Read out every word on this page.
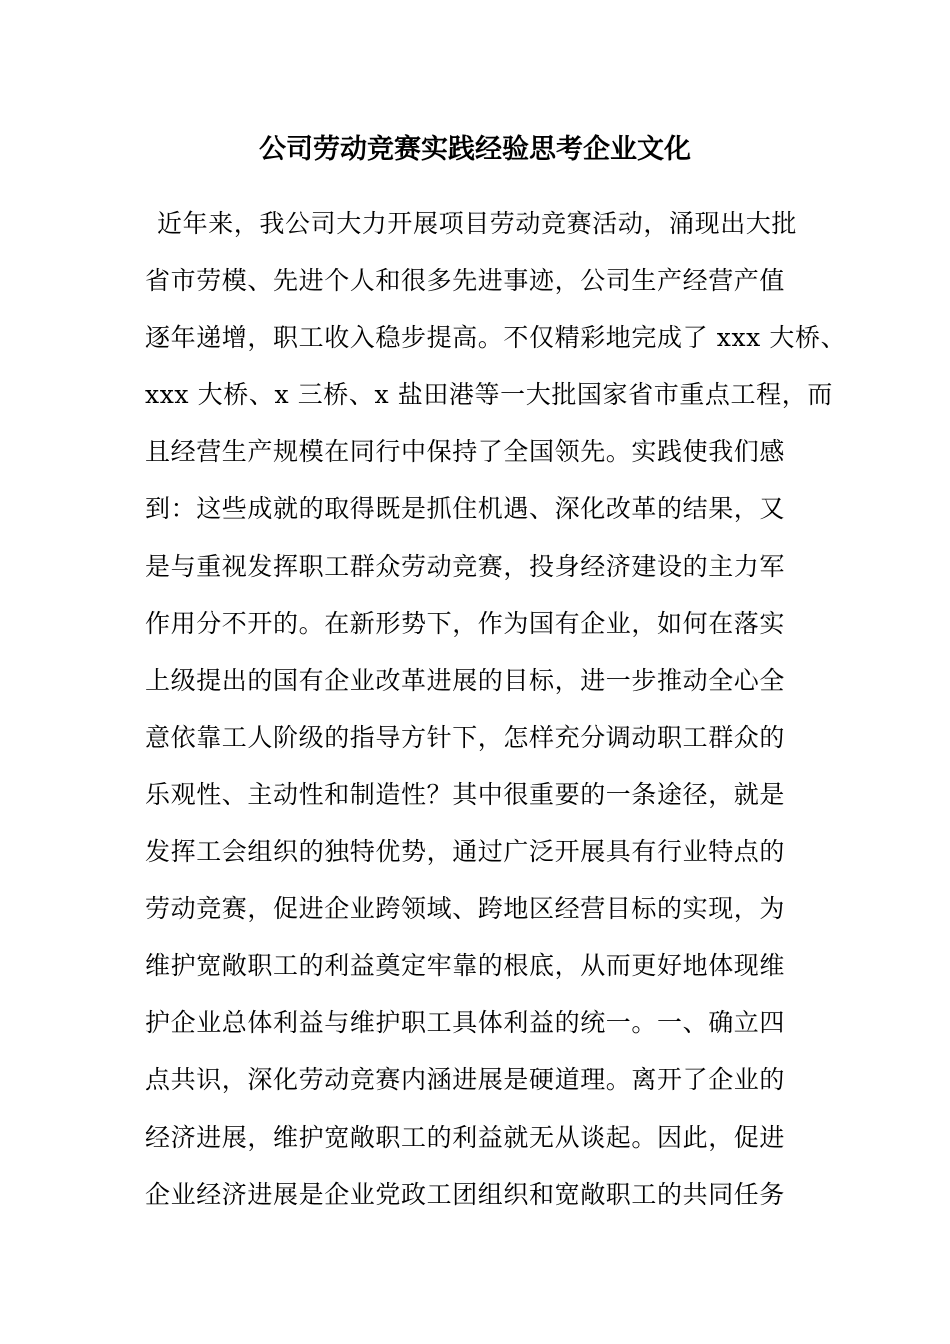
公司劳动竞赛实践经验思考企业文化
近年来，我公司大力开展项目劳动竞赛活动，涌现出大批
省市劳模、先进个人和很多先进事迹，公司生产经营产值
逐年递增，职工收入稳步提高。不仅精彩地完成了 xxx 大桥、
xxx 大桥、x 三桥、x 盐田港等一大批国家省市重点工程，而
且经营生产规模在同行中保持了全国领先。实践使我们感
到：这些成就的取得既是抓住机遇、深化改革的结果，又
是与重视发挥职工群众劳动竞赛，投身经济建设的主力军
作用分不开的。在新形势下，作为国有企业，如何在落实
上级提出的国有企业改革进展的目标，进一步推动全心全
意依靠工人阶级的指导方针下，怎样充分调动职工群众的
乐观性、主动性和制造性？其中很重要的一条途径，就是
发挥工会组织的独特优势，通过广泛开展具有行业特点的
劳动竞赛，促进企业跨领域、跨地区经营目标的实现，为
维护宽敞职工的利益奠定牢靠的根底，从而更好地体现维
护企业总体利益与维护职工具体利益的统一。一、确立四
点共识，深化劳动竞赛内涵进展是硬道理。离开了企业的
经济进展，维护宽敞职工的利益就无从谈起。因此，促进
企业经济进展是企业党政工团组织和宽敞职工的共同任务
